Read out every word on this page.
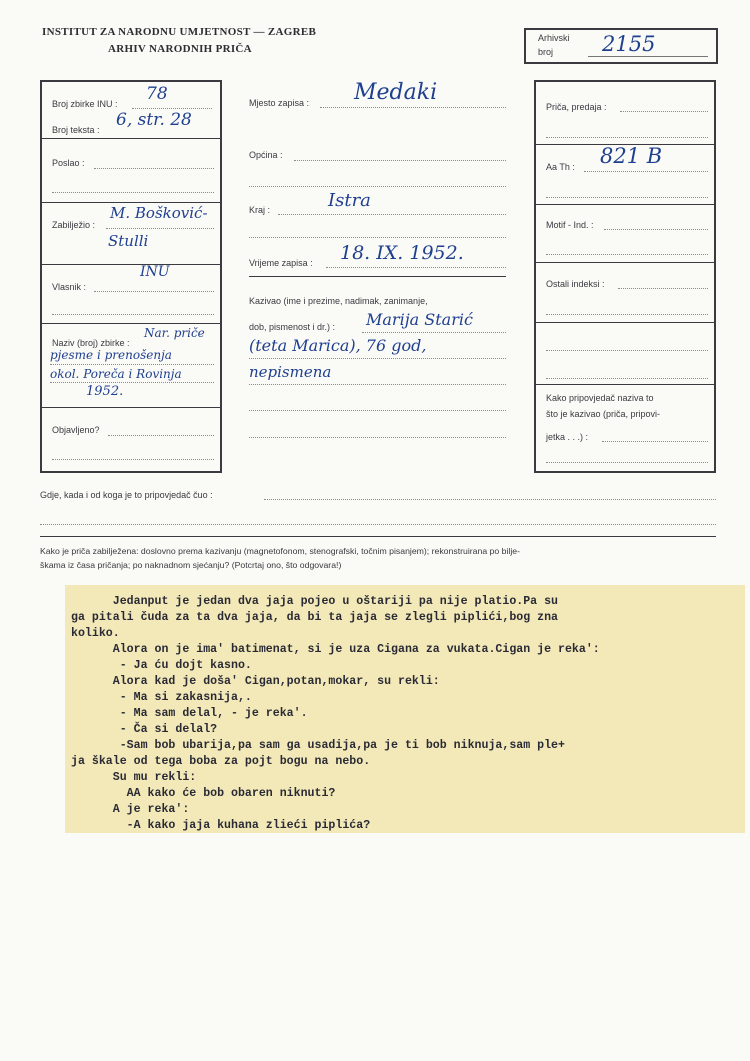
INSTITUT ZA NARODNU UMJETNOST — ZAGREB
ARHIV NARODNIH PRIČA
Arhivski
broj 2155
Broj zbirke INU : 78
Broj teksta : 6, str. 28
Poslao :
Zabilježio :
M. Bošković-
Stulli
INU
Vlasnik :
Naziv (broj) zbirke :
Nar. priče
pjesme i prenošenja
okol. Poreča i Rovinja
1952.
Objavljeno?
Mjesto zapisa : Medaki
Općina :
Istra
Kraj :
Vrijeme zapisa : 18. IX. 1952.
Kazivao (ime i prezime, nadimak, zanimanje,
dob, pismenost i dr.) : Marija Starić
(teta Marica), 76 god,
nepismena
Priča, predaja :
Aa Th : 821 B
Motif - Ind. :
Ostali indeksi :
Kako pripovjedač naziva to
što je kazivao (priča, pripovi-
jetka . . .) :
Gdje, kada i od koga je to pripovjedač čuo :
Kako je priča zabilježena: doslovno prema kazivanju (magnetofonom, stenografski, točnim pisanjem); rekonstruirana po bilje-
škama iz časa pričanja; po naknadnom sjećanju? (Potcrtaj ono, što odgovara!)
Jedanput je jedan dva jaja pojeo u oštariji pa nije platio.Pa su
ga pitali čuda za ta dva jaja, da bi ta jaja se zlegli piplići,bog zna
koliko.
Alora on je ima' batimenat, si je uza Cigana za vukata.Cigan je reka':
- Ja ću dojt kasno.
Alora kad je doša' Cigan,potan,mokar, su rekli:
- Ma si zakasnija,.
- Ma sam delal, - je reka'.
- Ča si delal?
-Sam bob ubarija,pa sam ga usadija,pa je ti bob niknuja,sam ple+
ja škale od tega boba za pojt bogu na nebo.
Su mu rekli:
AA kako će bob obaren niknuti?
A je reka':
-A kako jaja kuhana zlieći piplića?
